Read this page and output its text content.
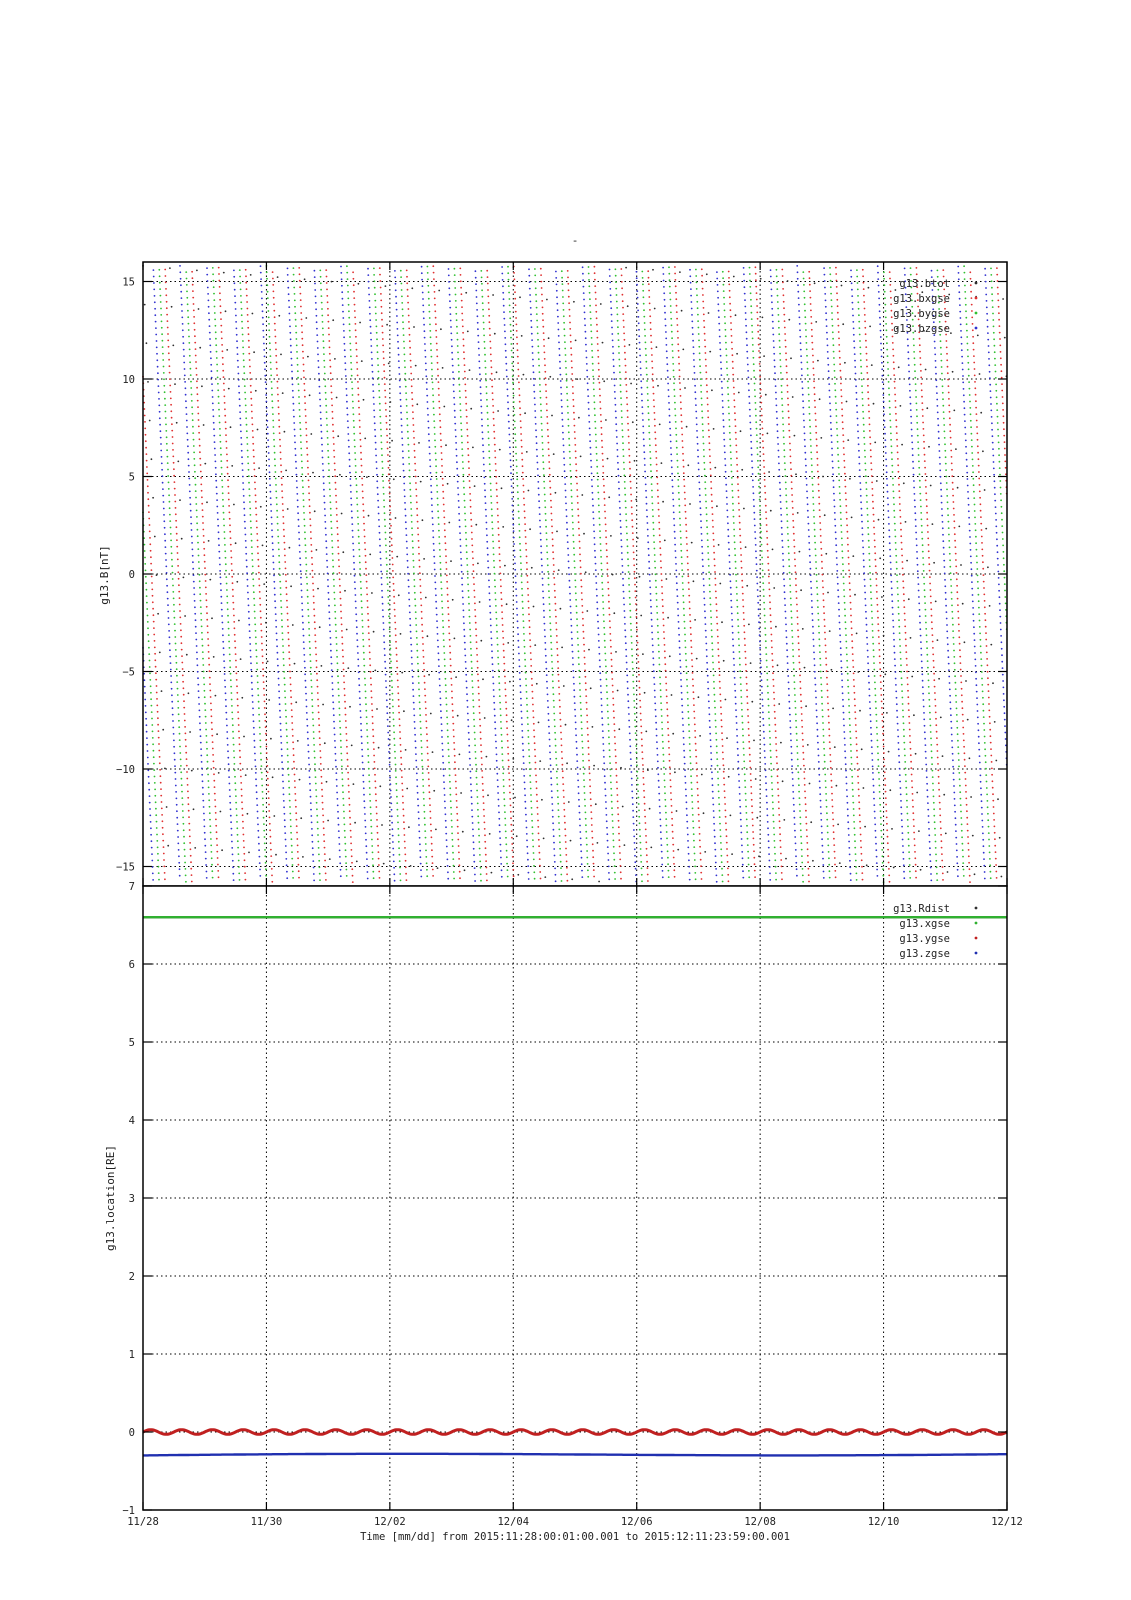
-
15
10
5
0
−5
−10
−15
g13.B[nT]
g13.btot
g13.bxgse
g13.bygse
g13.bzgse
7
6
5
4
3
2
1
0
−1
g13.location[RE]
g13.Rdist
g13.xgse
g13.ygse
g13.zgse
11/28	11/30	12/02	12/04	12/06	12/08	12/10	12/12
Time [mm/dd] from 2015:11:28:00:01:00.001 to 2015:12:11:23:59:00.001
